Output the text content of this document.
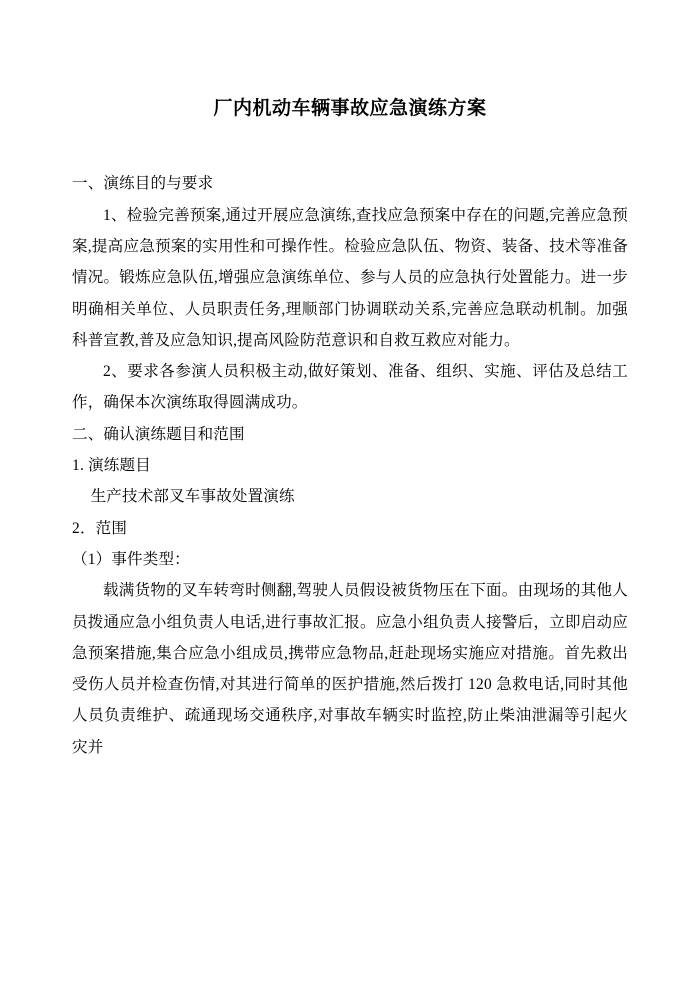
厂内机动车辆事故应急演练方案

一、演练目的与要求

1、检验完善预案,通过开展应急演练,查找应急预案中存在的问题,完善应急预案,提高应急预案的实用性和可操作性。检验应急队伍、物资、装备、技术等准备情况。锻炼应急队伍,增强应急演练单位、参与人员的应急执行处置能力。进一步明确相关单位、人员职责任务,理顺部门协调联动关系,完善应急联动机制。加强科普宣教,普及应急知识,提高风险防范意识和自救互救应对能力。

2、要求各参演人员积极主动,做好策划、准备、组织、实施、评估及总结工作，确保本次演练取得圆满成功。

二、确认演练题目和范围

1. 演练题目

生产技术部叉车事故处置演练

2．范围

（1）事件类型：

载满货物的叉车转弯时侧翻,驾驶人员假设被货物压在下面。由现场的其他人员拨通应急小组负责人电话,进行事故汇报。应急小组负责人接警后，立即启动应急预案措施,集合应急小组成员,携带应急物品,赶赴现场实施应对措施。首先救出受伤人员并检查伤情,对其进行简单的医护措施,然后拨打 120 急救电话,同时其他人员负责维护、疏通现场交通秩序,对事故车辆实时监控,防止柴油泄漏等引起火灾并
